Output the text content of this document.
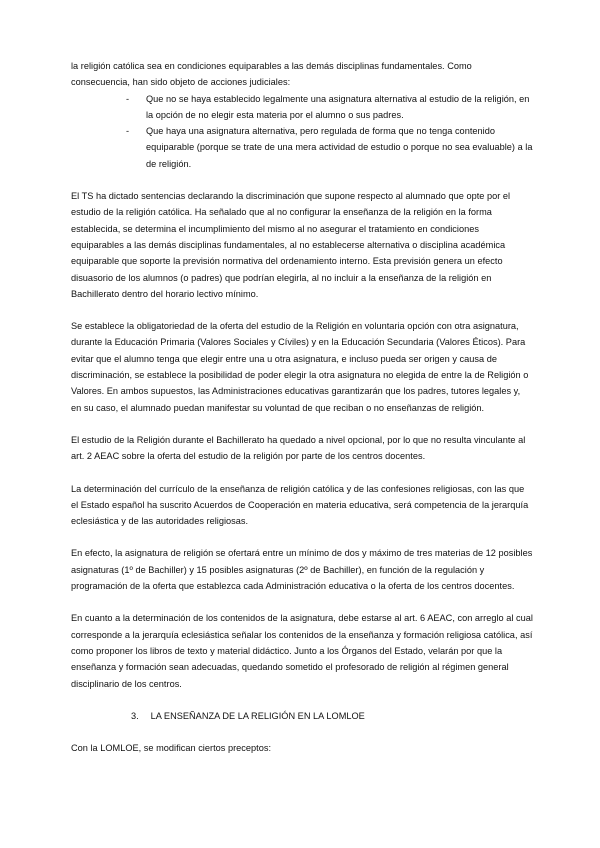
la religión católica sea en condiciones equiparables a las demás disciplinas fundamentales. Como consecuencia, han sido objeto de acciones judiciales:

- Que no se haya establecido legalmente una asignatura alternativa al estudio de la religión, en la opción de no elegir esta materia por el alumno o sus padres.
- Que haya una asignatura alternativa, pero regulada de forma que no tenga contenido equiparable (porque se trate de una mera actividad de estudio o porque no sea evaluable) a la de religión.

El TS ha dictado sentencias declarando la discriminación que supone respecto al alumnado que opte por el estudio de la religión católica. Ha señalado que al no configurar la enseñanza de la religión en la forma establecida, se determina el incumplimiento del mismo al no asegurar el tratamiento en condiciones equiparables a las demás disciplinas fundamentales, al no establecerse alternativa o disciplina académica equiparable que soporte la previsión normativa del ordenamiento interno. Esta previsión genera un efecto disuasorio de los alumnos (o padres) que podrían elegirla, al no incluir a la enseñanza de la religión en Bachillerato dentro del horario lectivo mínimo.

Se establece la obligatoriedad de la oferta del estudio de la Religión en voluntaria opción con otra asignatura, durante la Educación Primaria (Valores Sociales y Cíviles) y en la Educación Secundaria (Valores Éticos). Para evitar que el alumno tenga que elegir entre una u otra asignatura, e incluso pueda ser origen y causa de discriminación, se establece la posibilidad de poder elegir la otra asignatura no elegida de entre la de Religión o Valores. En ambos supuestos, las Administraciones educativas garantizarán que los padres, tutores legales y, en su caso, el alumnado puedan manifestar su voluntad de que reciban o no enseñanzas de religión.

El estudio de la Religión durante el Bachillerato ha quedado a nivel opcional, por lo que no resulta vinculante al art. 2 AEAC sobre la oferta del estudio de la religión por parte de los centros docentes.

La determinación del currículo de la enseñanza de religión católica y de las confesiones religiosas, con las que el Estado español ha suscrito Acuerdos de Cooperación en materia educativa, será competencia de la jerarquía eclesiástica y de las autoridades religiosas.

En efecto, la asignatura de religión se ofertará entre un mínimo de dos y máximo de tres materias de 12 posibles asignaturas (1º de Bachiller) y 15 posibles asignaturas (2º de Bachiller), en función de la regulación y programación de la oferta que establezca cada Administración educativa o la oferta de los centros docentes.

En cuanto a la determinación de los contenidos de la asignatura, debe estarse al art. 6 AEAC, con arreglo al cual corresponde a la jerarquía eclesiástica señalar los contenidos de la enseñanza y formación religiosa católica, así como proponer los libros de texto y material didáctico. Junto a los Órganos del Estado, velarán por que la enseñanza y formación sean adecuadas, quedando sometido el profesorado de religión al régimen general disciplinario de los centros.

3. LA ENSEÑANZA DE LA RELIGIÓN EN LA LOMLOE

Con la LOMLOE, se modifican ciertos preceptos:
